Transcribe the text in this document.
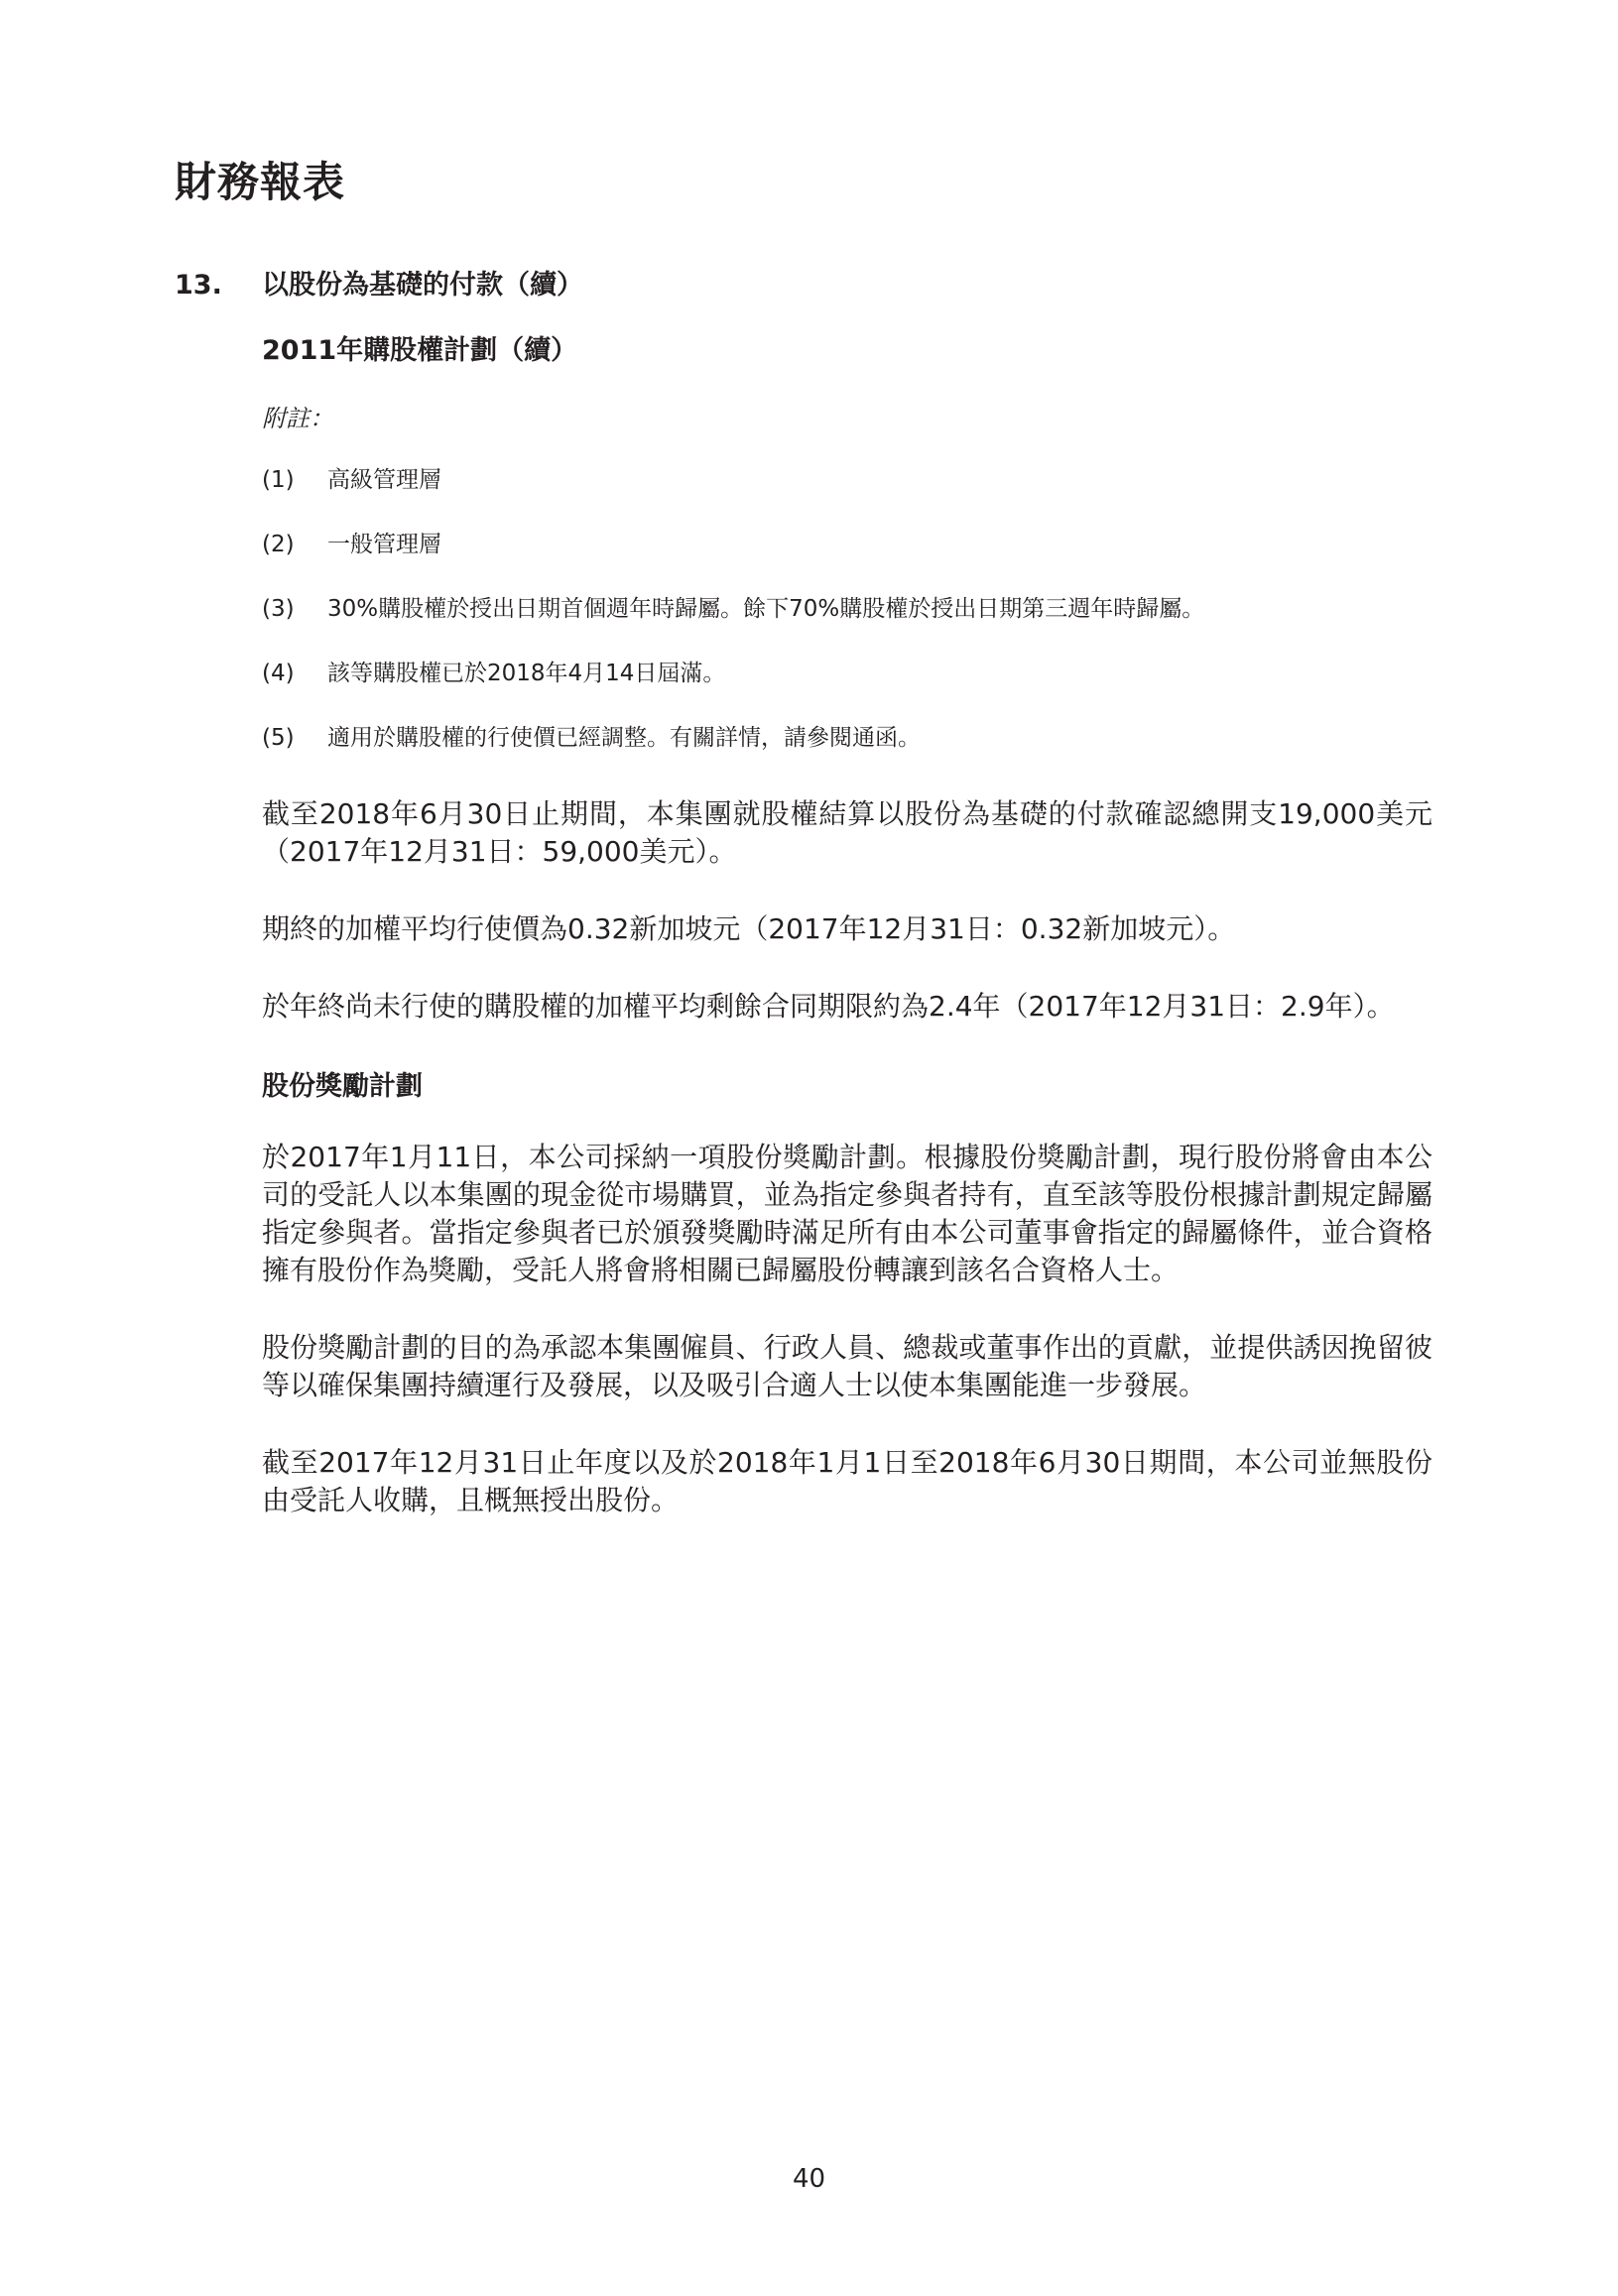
財務報表
13. 以股份為基礎的付款（續）
2011年購股權計劃（續）

附註：

(1)	高級管理層
(2)	一般管理層
(3)	30%購股權於授出日期首個週年時歸屬。餘下70%購股權於授出日期第三週年時歸屬。
(4)	該等購股權已於2018年4月14日屆滿。
(5)	適用於購股權的行使價已經調整。有關詳情，請參閱通函。

截至2018年6月30日止期間，本集團就股權結算以股份為基礎的付款確認總開支19,000美元（2017年12月31日：59,000美元）。

期終的加權平均行使價為0.32新加坡元（2017年12月31日：0.32新加坡元）。

於年終尚未行使的購股權的加權平均剩餘合同期限約為2.4年（2017年12月31日：2.9年）。

股份獎勵計劃

於2017年1月11日，本公司採納一項股份獎勵計劃。根據股份獎勵計劃，現行股份將會由本公司的受託人以本集團的現金從市場購買，並為指定參與者持有，直至該等股份根據計劃規定歸屬指定參與者。當指定參與者已於頒發獎勵時滿足所有由本公司董事會指定的歸屬條件，並合資格擁有股份作為獎勵，受託人將會將相關已歸屬股份轉讓到該名合資格人士。

股份獎勵計劃的目的為承認本集團僱員、行政人員、總裁或董事作出的貢獻，並提供誘因挽留彼等以確保集團持續運行及發展，以及吸引合適人士以使本集團能進一步發展。

截至2017年12月31日止年度以及於2018年1月1日至2018年6月30日期間，本公司並無股份由受託人收購，且概無授出股份。

40
